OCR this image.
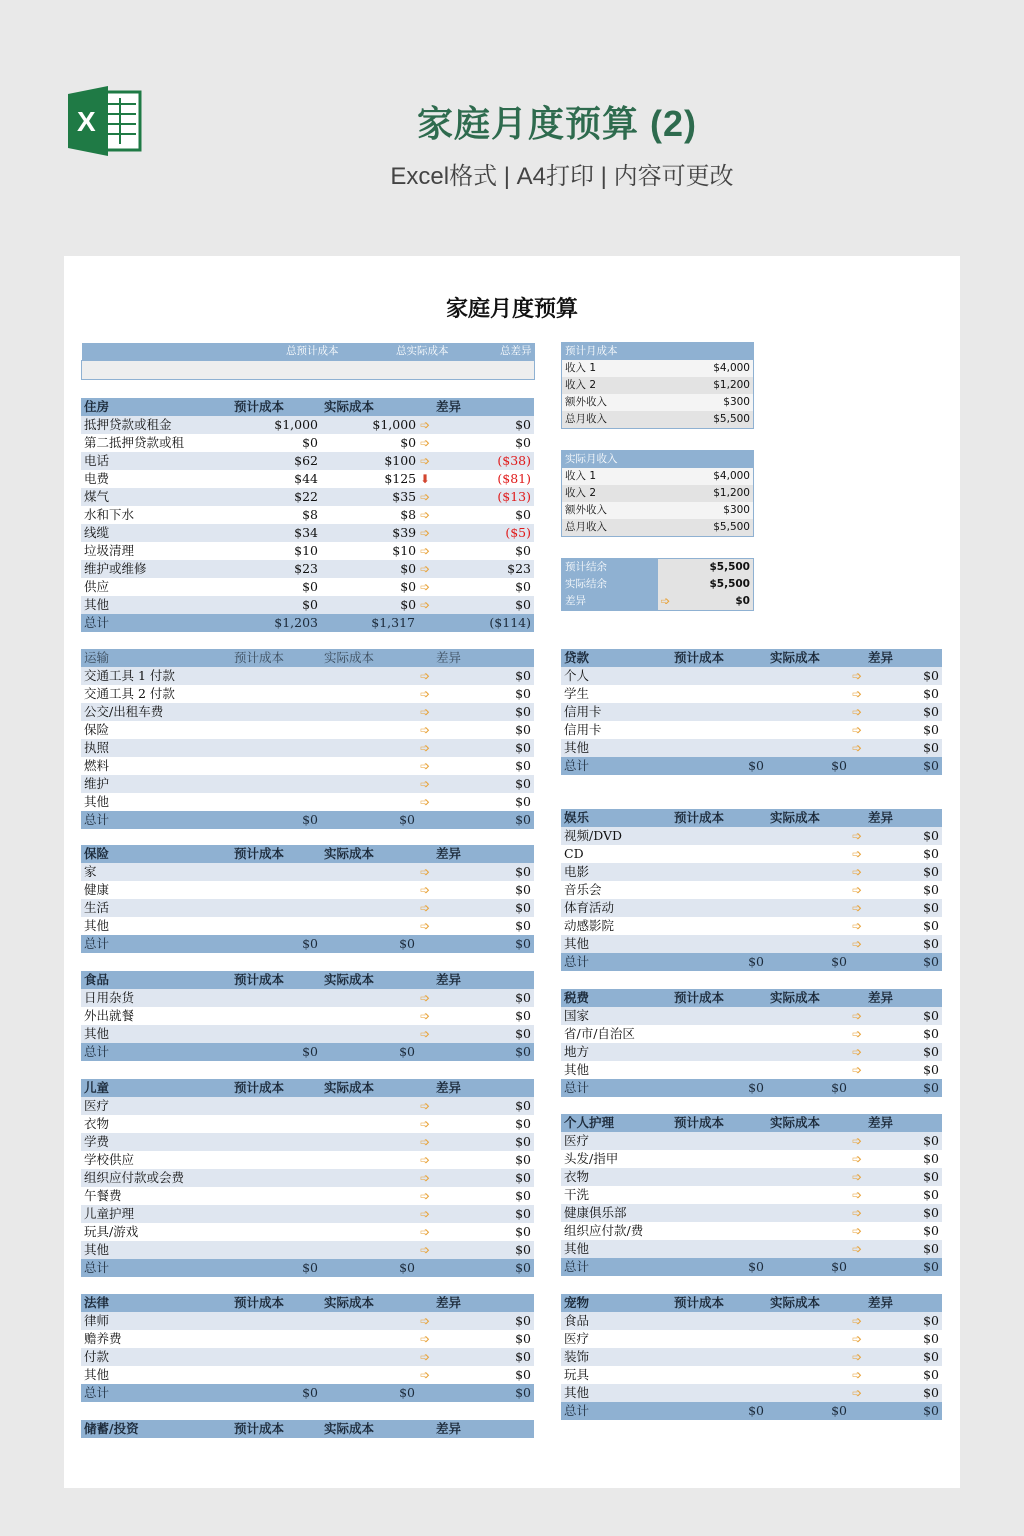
X	家庭月度预算 (2)
Excel格式 | A4打印 | 内容可更改
家庭月度预算
	总预计成本	总实际成本	总差异

住房	预计成本	实际成本	差异
抵押贷款或租金	$1,000	$1,000 ➩	$0
第二抵押贷款或租	$0	$0 ➩	$0
电话	$62	$100 ➩	($38)
电费	$44	$125 ⬇	($81)
煤气	$22	$35 ➩	($13)
水和下水	$8	$8 ➩	$0
线缆	$34	$39 ➩	($5)
垃圾清理	$10	$10 ➩	$0
维护或维修	$23	$0 ➩	$23
供应	$0	$0 ➩	$0
其他	$0	$0 ➩	$0
总计	$1,203	$1,317	($114)
运输	预计成本	实际成本	差异
交通工具 1 付款		➩	$0
交通工具 2 付款		➩	$0
公交/出租车费		➩	$0
保险		➩	$0
执照		➩	$0
燃料		➩	$0
维护		➩	$0
其他		➩	$0
总计	$0	$0	$0
保险	预计成本	实际成本	差异
家		➩	$0
健康		➩	$0
生活		➩	$0
其他		➩	$0
总计	$0	$0	$0
食品	预计成本	实际成本	差异
日用杂货		➩	$0
外出就餐		➩	$0
其他		➩	$0
总计	$0	$0	$0
儿童	预计成本	实际成本	差异
医疗		➩	$0
衣物		➩	$0
学费		➩	$0
学校供应		➩	$0
组织应付款或会费		➩	$0
午餐费		➩	$0
儿童护理		➩	$0
玩具/游戏		➩	$0
其他		➩	$0
总计	$0	$0	$0
法律	预计成本	实际成本	差异
律师		➩	$0
赡养费		➩	$0
付款		➩	$0
其他		➩	$0
总计	$0	$0	$0
储蓄/投资	预计成本	实际成本	差异
贷款	预计成本	实际成本	差异
个人		➩	$0
学生		➩	$0
信用卡		➩	$0
信用卡		➩	$0
其他		➩	$0
总计	$0	$0	$0
娱乐	预计成本	实际成本	差异
视频/DVD		➩	$0
CD		➩	$0
电影		➩	$0
音乐会		➩	$0
体育活动		➩	$0
动感影院		➩	$0
其他		➩	$0
总计	$0	$0	$0
税费	预计成本	实际成本	差异
国家		➩	$0
省/市/自治区		➩	$0
地方		➩	$0
其他		➩	$0
总计	$0	$0	$0
个人护理	预计成本	实际成本	差异
医疗		➩	$0
头发/指甲		➩	$0
衣物		➩	$0
干洗		➩	$0
健康俱乐部		➩	$0
组织应付款/费		➩	$0
其他		➩	$0
总计	$0	$0	$0
宠物	预计成本	实际成本	差异
食品		➩	$0
医疗		➩	$0
装饰		➩	$0
玩具		➩	$0
其他		➩	$0
总计	$0	$0	$0
预计月成本	
收入 1	$4,000
收入 2	$1,200
额外收入	$300
总月收入	$5,500
实际月收入	
收入 1	$4,000
收入 2	$1,200
额外收入	$300
总月收入	$5,500
预计结余	$5,500
实际结余	$5,500
差异	➩ $0
